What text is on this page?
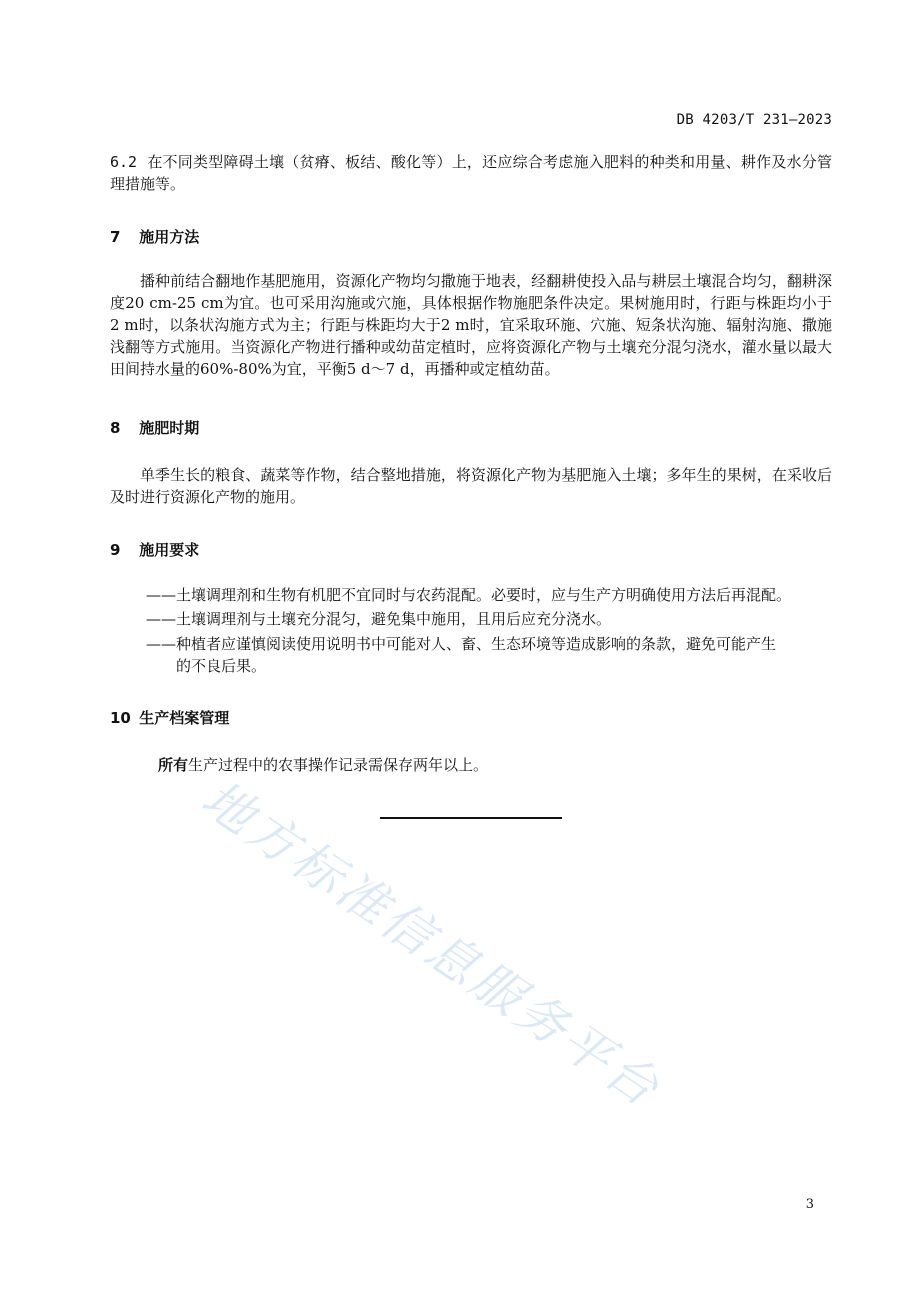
DB 4203/T 231—2023
6.2 在不同类型障碍土壤（贫瘠、板结、酸化等）上，还应综合考虑施入肥料的种类和用量、耕作及水分管理措施等。
7 施用方法
播种前结合翻地作基肥施用，资源化产物均匀撒施于地表，经翻耕使投入品与耕层土壤混合均匀，翻耕深度20 cm-25 cm为宜。也可采用沟施或穴施，具体根据作物施肥条件决定。果树施用时，行距与株距均小于2 m时，以条状沟施方式为主；行距与株距均大于2 m时，宜采取环施、穴施、短条状沟施、辐射沟施、撒施浅翻等方式施用。当资源化产物进行播种或幼苗定植时，应将资源化产物与土壤充分混匀浇水，灌水量以最大田间持水量的60%-80%为宜，平衡5 d～7 d，再播种或定植幼苗。
8 施肥时期
单季生长的粮食、蔬菜等作物，结合整地措施，将资源化产物为基肥施入土壤；多年生的果树，在采收后及时进行资源化产物的施用。
9 施用要求
——土壤调理剂和生物有机肥不宜同时与农药混配。必要时，应与生产方明确使用方法后再混配。
——土壤调理剂与土壤充分混匀，避免集中施用，且用后应充分浇水。
——种植者应谨慎阅读使用说明书中可能对人、畜、生态环境等造成影响的条款，避免可能产生
的不良后果。
10 生产档案管理
所有生产过程中的农事操作记录需保存两年以上。
地方标准信息服务平台
3
